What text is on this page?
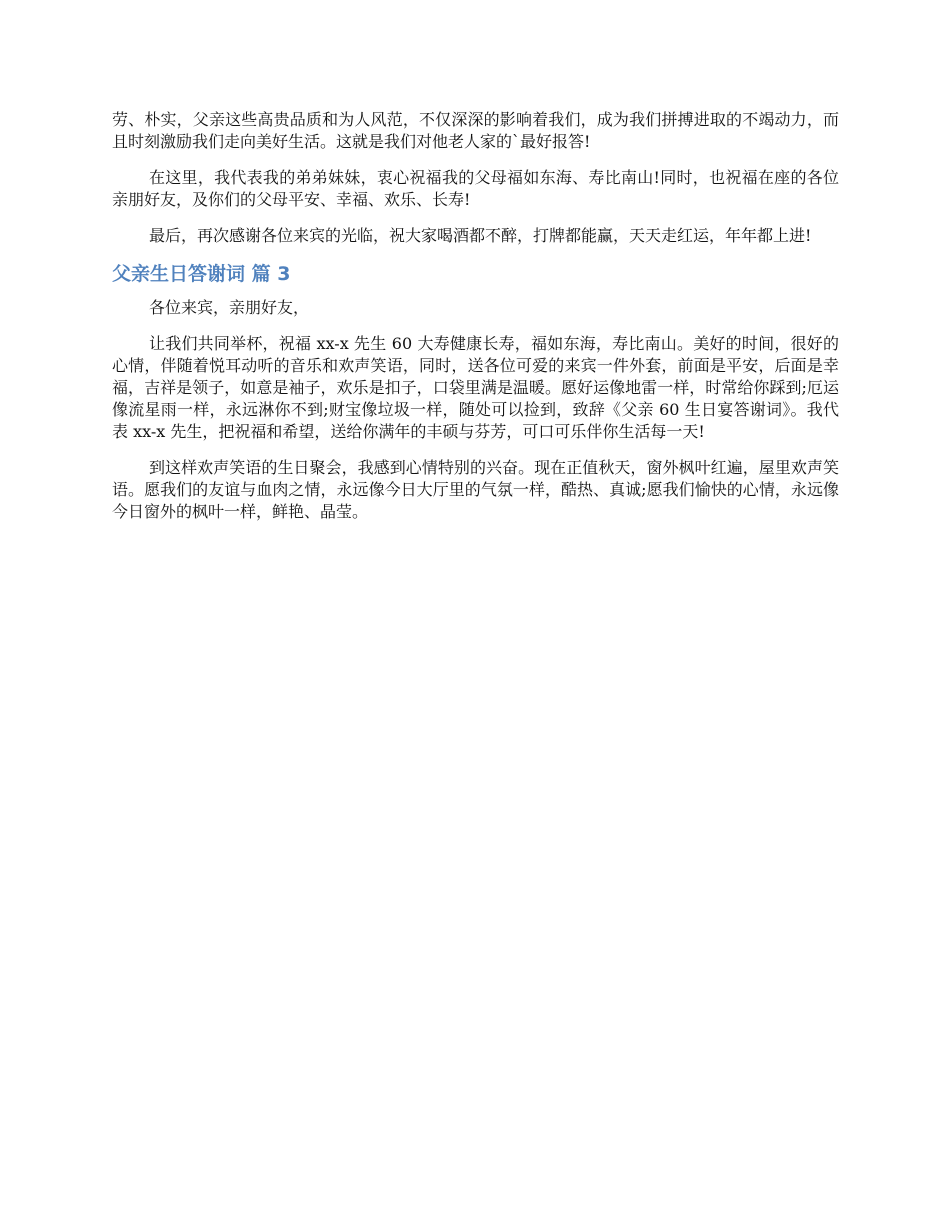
劳、朴实，父亲这些高贵品质和为人风范，不仅深深的影响着我们，成为我们拼搏进取的不竭动力，而且时刻激励我们走向美好生活。这就是我们对他老人家的`最好报答!

在这里，我代表我的弟弟妹妹，衷心祝福我的父母福如东海、寿比南山!同时，也祝福在座的各位亲朋好友，及你们的父母平安、幸福、欢乐、长寿!

最后，再次感谢各位来宾的光临，祝大家喝酒都不醉，打牌都能赢，天天走红运，年年都上进!

父亲生日答谢词 篇 3

各位来宾，亲朋好友，

让我们共同举杯，祝福 xx-x 先生 60 大寿健康长寿，福如东海，寿比南山。美好的时间，很好的心情，伴随着悦耳动听的音乐和欢声笑语，同时，送各位可爱的来宾一件外套，前面是平安，后面是幸福，吉祥是领子，如意是袖子，欢乐是扣子，口袋里满是温暖。愿好运像地雷一样，时常给你踩到;厄运像流星雨一样，永远淋你不到;财宝像垃圾一样，随处可以捡到，致辞《父亲 60 生日宴答谢词》。我代表 xx-x 先生，把祝福和希望，送给你满年的丰硕与芬芳，可口可乐伴你生活每一天!

到这样欢声笑语的生日聚会，我感到心情特别的兴奋。现在正值秋天，窗外枫叶红遍，屋里欢声笑语。愿我们的友谊与血肉之情，永远像今日大厅里的气氛一样，酷热、真诚;愿我们愉快的心情，永远像今日窗外的枫叶一样，鲜艳、晶莹。
